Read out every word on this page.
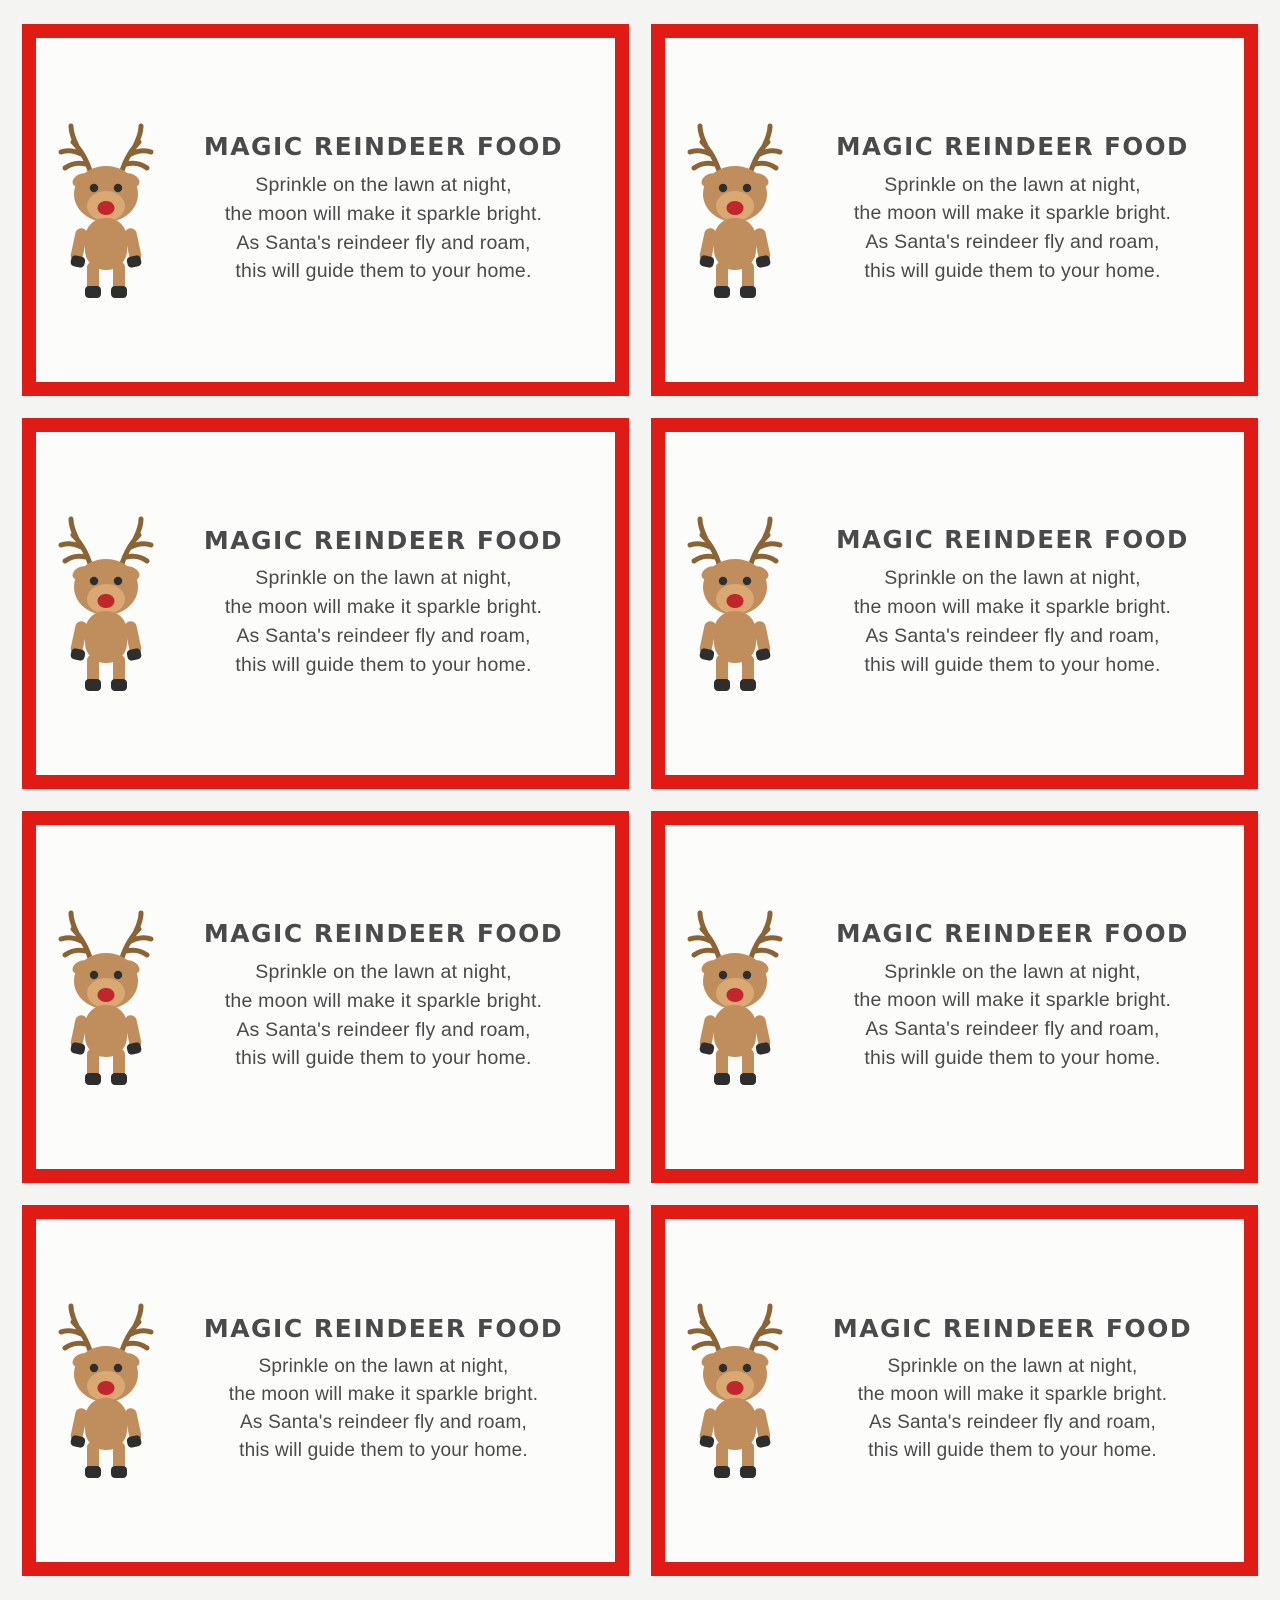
MAGIC REINDEER FOOD
Sprinkle on the lawn at night,
the moon will make it sparkle bright.
As Santa's reindeer fly and roam,
this will guide them to your home.
MAGIC REINDEER FOOD
Sprinkle on the lawn at night,
the moon will make it sparkle bright.
As Santa's reindeer fly and roam,
this will guide them to your home.
MAGIC REINDEER FOOD
Sprinkle on the lawn at night,
the moon will make it sparkle bright.
As Santa's reindeer fly and roam,
this will guide them to your home.
MAGIC REINDEER FOOD
Sprinkle on the lawn at night,
the moon will make it sparkle bright.
As Santa's reindeer fly and roam,
this will guide them to your home.
MAGIC REINDEER FOOD
Sprinkle on the lawn at night,
the moon will make it sparkle bright.
As Santa's reindeer fly and roam,
this will guide them to your home.
MAGIC REINDEER FOOD
Sprinkle on the lawn at night,
the moon will make it sparkle bright.
As Santa's reindeer fly and roam,
this will guide them to your home.
MAGIC REINDEER FOOD
Sprinkle on the lawn at night,
the moon will make it sparkle bright.
As Santa's reindeer fly and roam,
this will guide them to your home.
MAGIC REINDEER FOOD
Sprinkle on the lawn at night,
the moon will make it sparkle bright.
As Santa's reindeer fly and roam,
this will guide them to your home.
